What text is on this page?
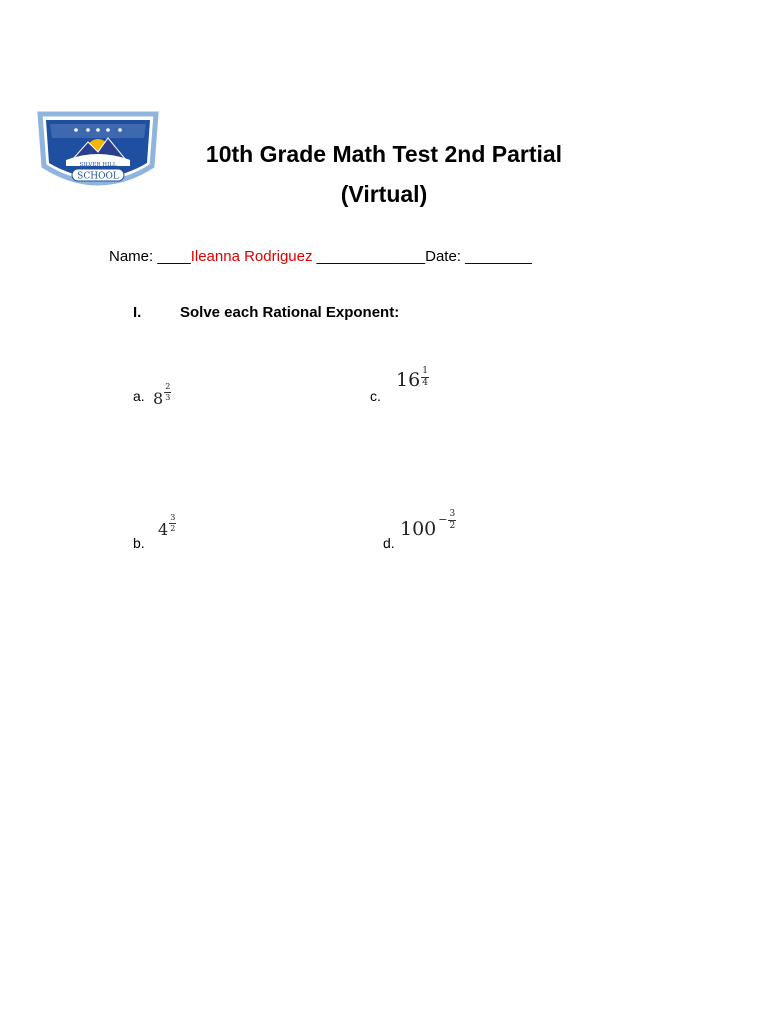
SILVER HILL
SCHOOL
10th Grade Math Test 2nd Partial
(Virtual)
Name: ____Ileanna Rodriguez _____________Date: ________
I.	Solve each Rational Exponent:
a. $8 \frac{2}{3}$	c.
$16 \frac{1}{4}$
b.
$4 \frac{3}{2}$
d.
$100 - \frac{3}{2}$
